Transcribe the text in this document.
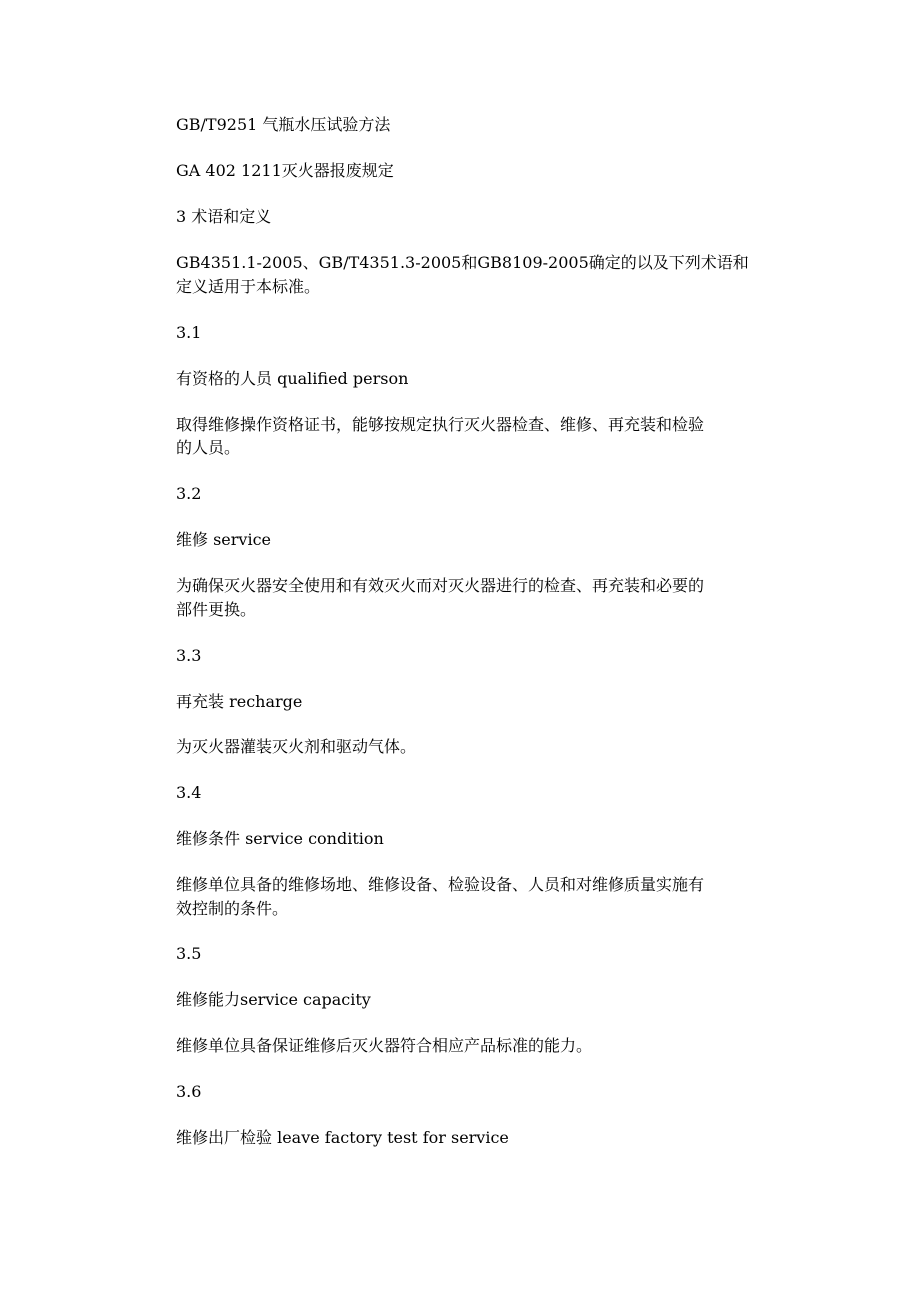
GB/T9251 气瓶水压试验方法
GA 402 1211灭火器报废规定
3 术语和定义
GB4351.1-2005、GB/T4351.3-2005和GB8109-2005确定的以及下列术语和
定义适用于本标准。
3.1
有资格的人员 qualified person
取得维修操作资格证书，能够按规定执行灭火器检查、维修、再充装和检验
的人员。
3.2
维修 service
为确保灭火器安全使用和有效灭火而对灭火器进行的检查、再充装和必要的
部件更换。
3.3
再充装 recharge
为灭火器灌装灭火剂和驱动气体。
3.4
维修条件 service condition
维修单位具备的维修场地、维修设备、检验设备、人员和对维修质量实施有
效控制的条件。
3.5
维修能力service capacity
维修单位具备保证维修后灭火器符合相应产品标准的能力。
3.6
维修出厂检验 leave factory test for service
